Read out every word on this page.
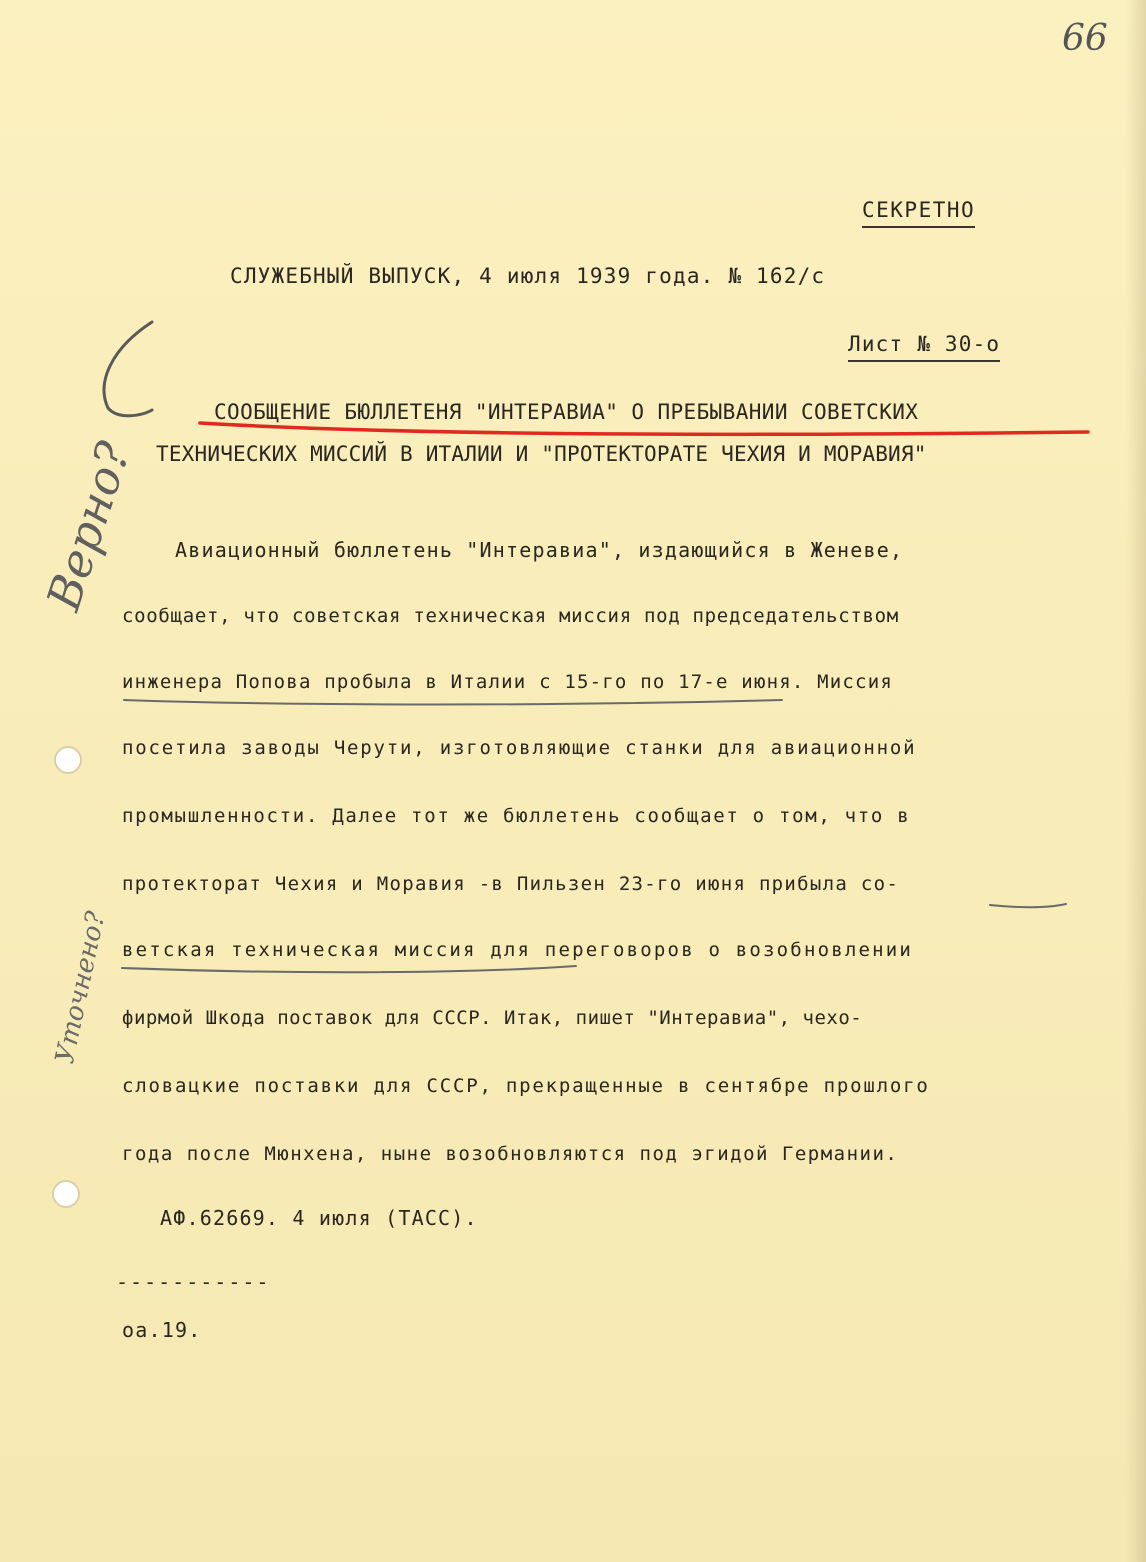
66
СЕКРЕТНО
СЛУЖЕБНЫЙ ВЫПУСК, 4 июля 1939 года. № 162/с
Лист № 30-о
СООБЩЕНИЕ БЮЛЛЕТЕНЯ "ИНТЕРАВИА" О ПРЕБЫВАНИИ СОВЕТСКИХ
ТЕХНИЧЕСКИХ МИССИЙ В ИТАЛИИ И "ПРОТЕКТОРАТЕ ЧЕХИЯ И МОРАВИЯ"
Авиационный бюллетень "Интеравиа", издающийся в Женеве,
сообщает, что советская техническая миссия под председательством
инженера Попова пробыла в Италии с 15-го по 17-е июня. Миссия
посетила заводы Черути, изготовляющие станки для авиационной
промышленности. Далее тот же бюллетень сообщает о том, что в
протекторат Чехия и Моравия -в Пильзен 23-го июня прибыла со-
ветская техническая миссия для переговоров о возобновлении
фирмой Шкода поставок для СССР. Итак, пишет "Интеравиа", чехо-
словацкие поставки для СССР, прекращенные в сентябре прошлого
года после Мюнхена, ныне возобновляются под эгидой Германии.
АФ.62669. 4 июля (ТАСС).
-----------
оа.19.
Верно?
Уточнено?
